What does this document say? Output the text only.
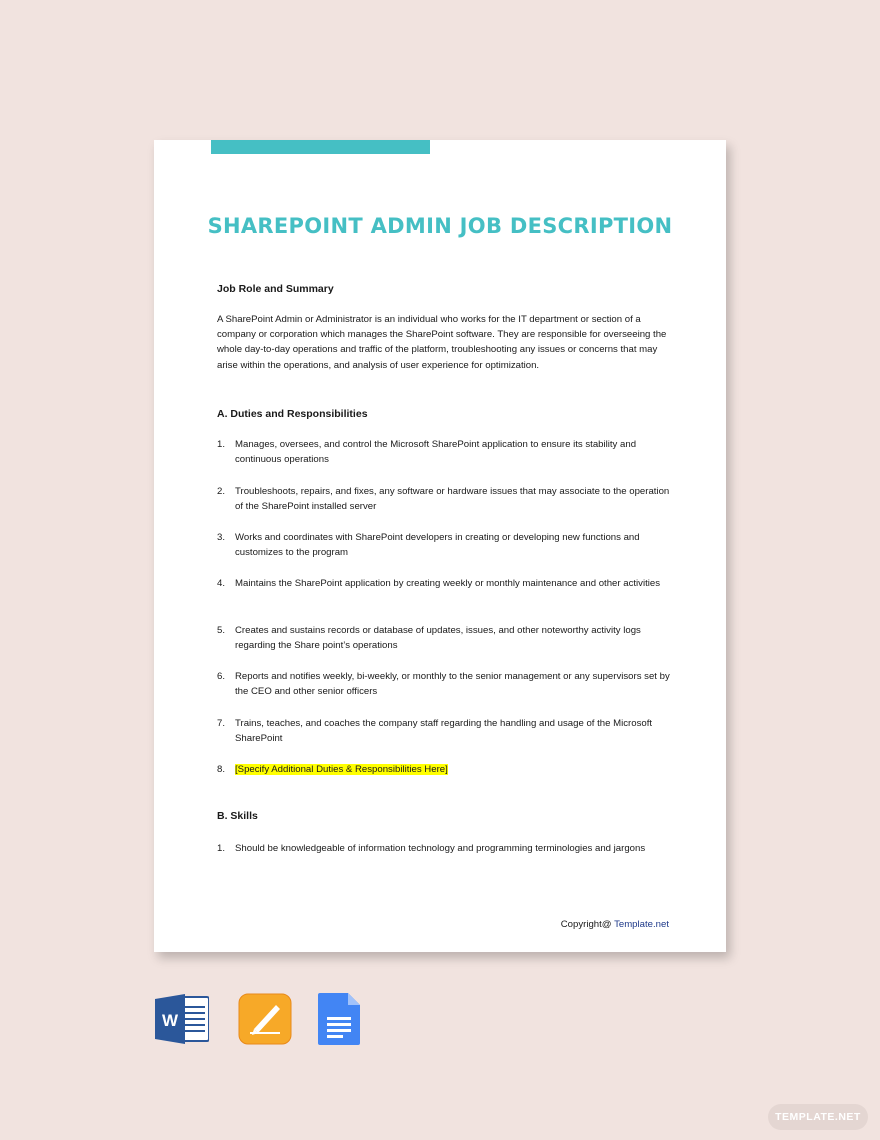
SHAREPOINT ADMIN JOB DESCRIPTION
Job Role and Summary
A SharePoint Admin or Administrator is an individual who works for the IT department or section of a company or corporation which manages the SharePoint software. They are responsible for overseeing the whole day-to-day operations and traffic of the platform, troubleshooting any issues or concerns that may arise within the operations, and analysis of user experience for optimization.
A. Duties and Responsibilities
1. Manages, oversees, and control the Microsoft SharePoint application to ensure its stability and continuous operations
2. Troubleshoots, repairs, and fixes, any software or hardware issues that may associate to the operation of the SharePoint installed server
3. Works and coordinates with SharePoint developers in creating or developing new functions and customizes to the program
4. Maintains the SharePoint application by creating weekly or monthly maintenance and other activities
5. Creates and sustains records or database of updates, issues, and other noteworthy activity logs regarding the Share point’s operations
6. Reports and notifies weekly, bi-weekly, or monthly to the senior management or any supervisors set by the CEO and other senior officers
7. Trains, teaches, and coaches the company staff regarding the handling and usage of the Microsoft SharePoint
8. [Specify Additional Duties & Responsibilities Here]
B. Skills
1. Should be knowledgeable of information technology and programming terminologies and jargons
Copyright@ Template.net
W
TEMPLATE.NET
